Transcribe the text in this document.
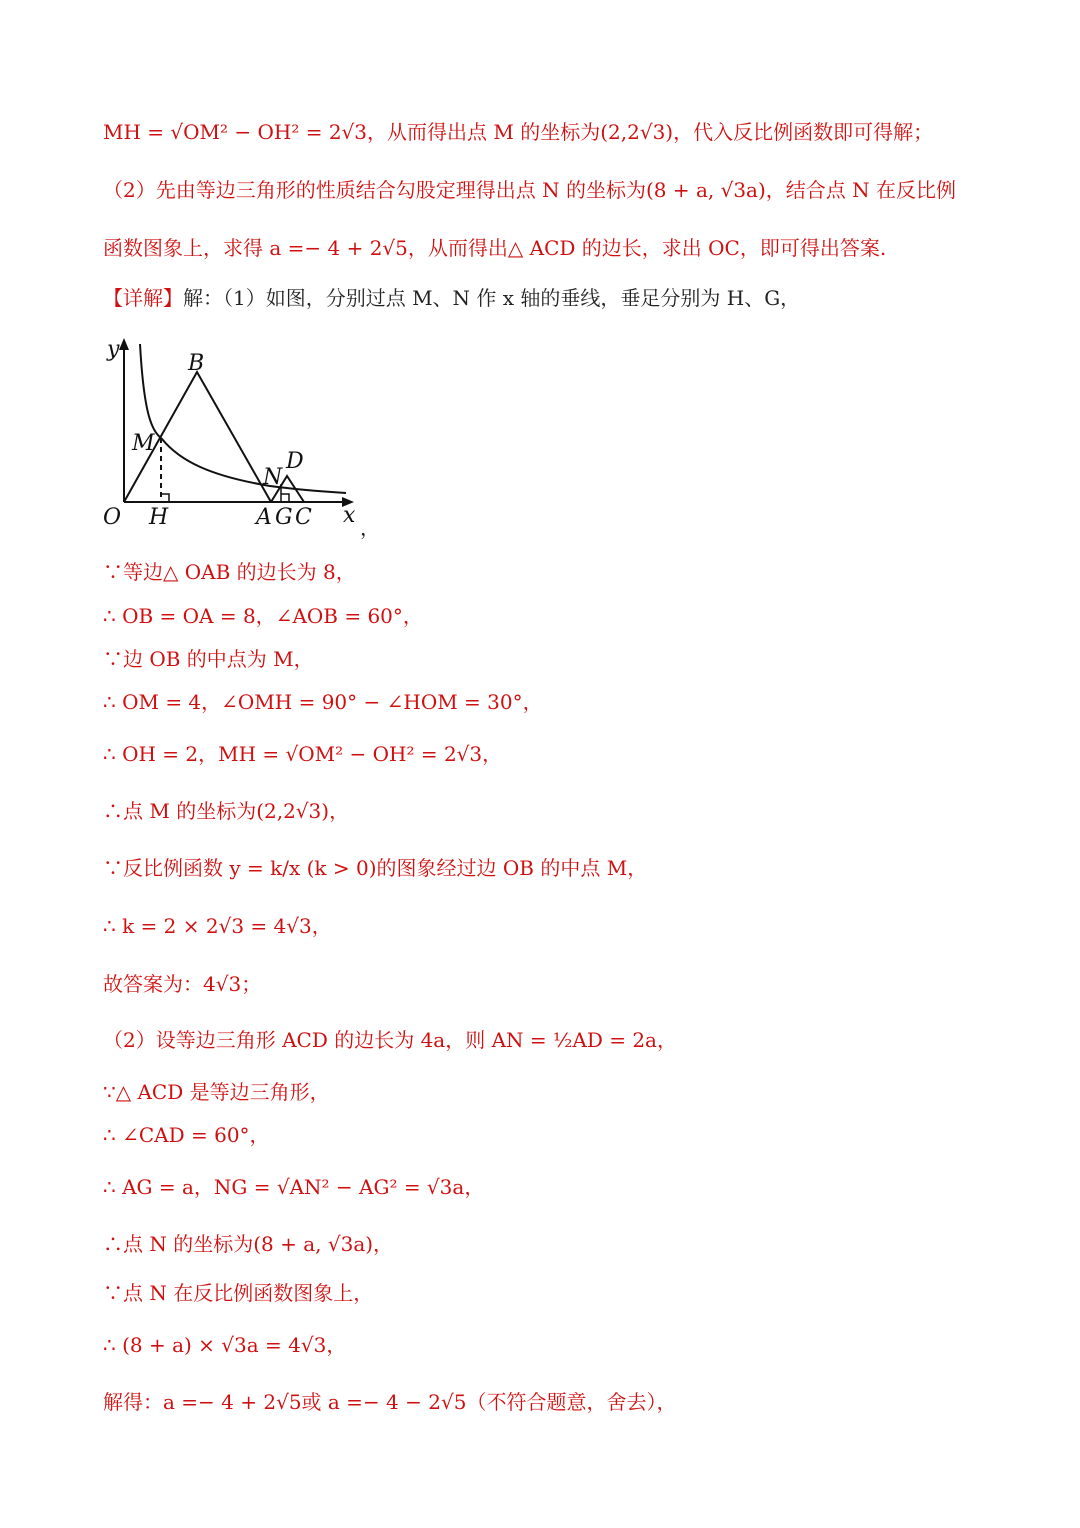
MH = √OM² − OH² = 2√3，从而得出点 M 的坐标为(2,2√3)，代入反比例函数即可得解；
（2）先由等边三角形的性质结合勾股定理得出点 N 的坐标为(8 + a, √3a)，结合点 N 在反比例
函数图象上，求得 a =− 4 + 2√5，从而得出△ ACD 的边长，求出 OC，即可得出答案.
【详解】解：（1）如图，分别过点 M、N 作 x 轴的垂线，垂足分别为 H、G，
y
x
O H	A G C
B
M
N
D
，
∵等边△ OAB 的边长为 8，
∴ OB = OA = 8，∠AOB = 60°，
∵边 OB 的中点为 M，
∴ OM = 4，∠OMH = 90° − ∠HOM = 30°，
∴ OH = 2，MH = √OM² − OH² = 2√3，
∴点 M 的坐标为(2,2√3)，
∵反比例函数 y = k/x (k > 0)的图象经过边 OB 的中点 M，
∴ k = 2 × 2√3 = 4√3，
故答案为：4√3；
（2）设等边三角形 ACD 的边长为 4a，则 AN = ½AD = 2a，
∵△ ACD 是等边三角形，
∴ ∠CAD = 60°，
∴ AG = a，NG = √AN² − AG² = √3a，
∴点 N 的坐标为(8 + a, √3a)，
∵点 N 在反比例函数图象上，
∴ (8 + a) × √3a = 4√3，
解得：a =− 4 + 2√5或 a =− 4 − 2√5（不符合题意，舍去），
